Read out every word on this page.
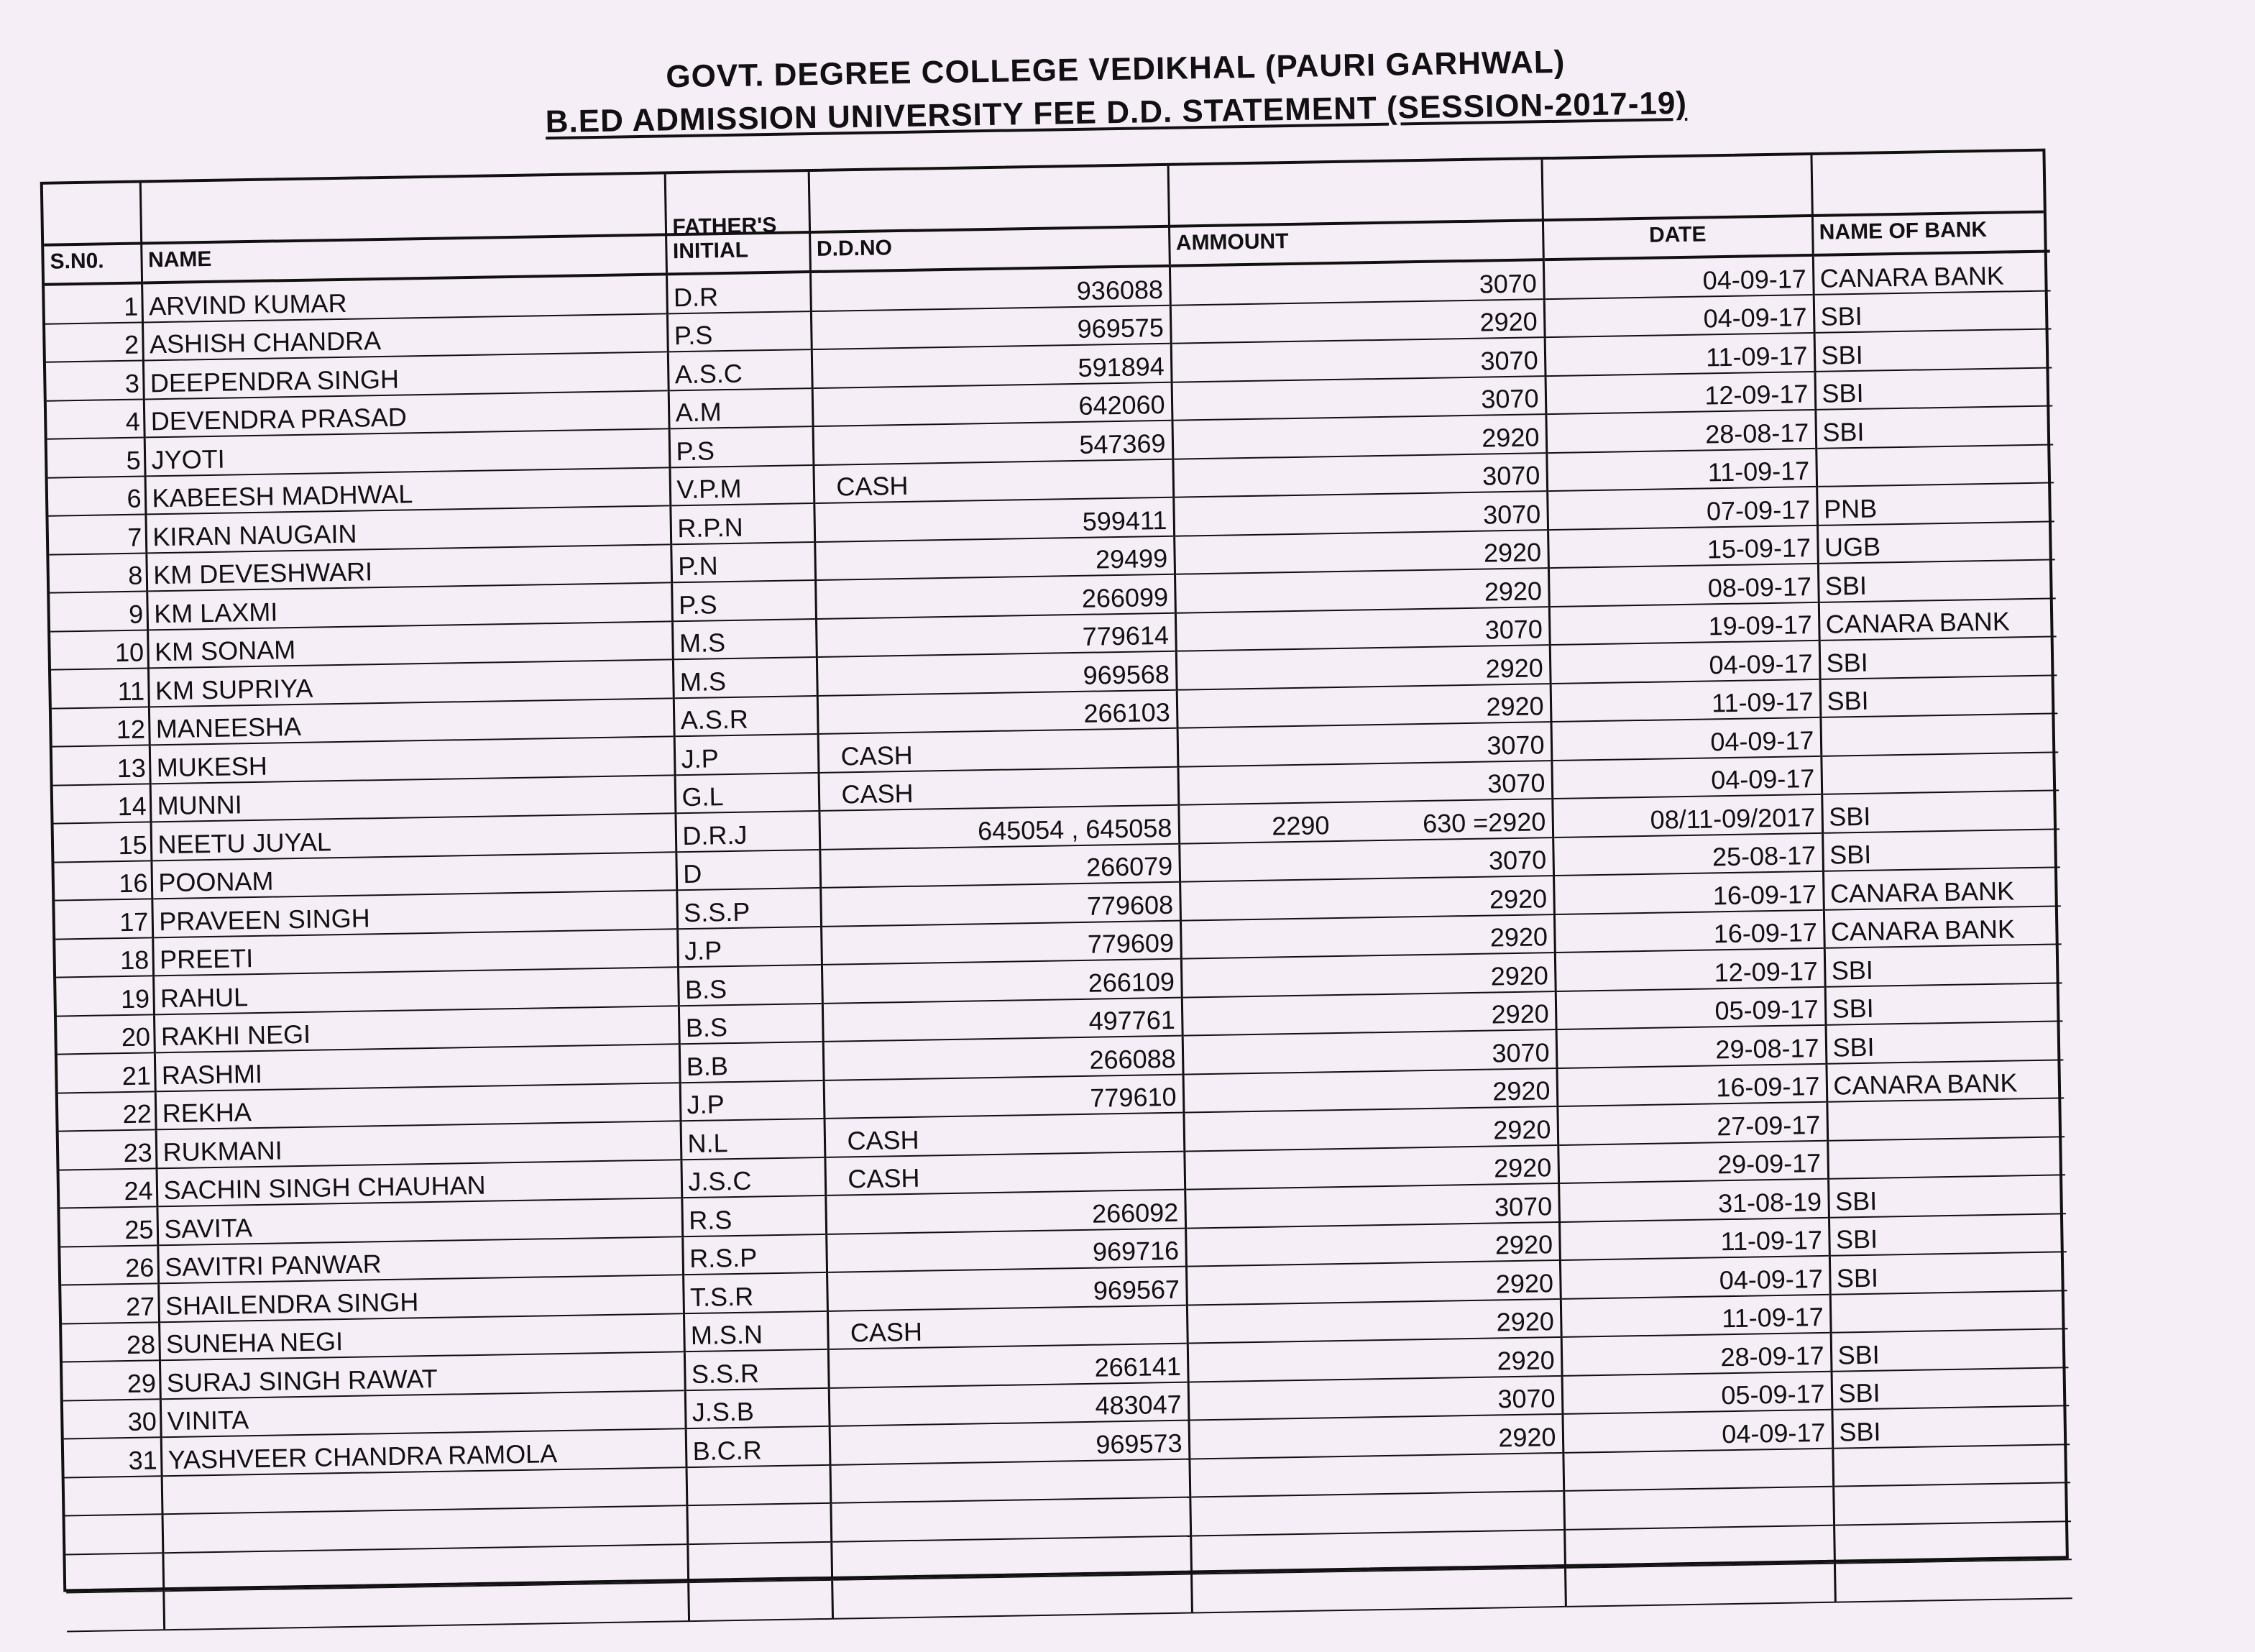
GOVT. DEGREE COLLEGE VEDIKHAL (PAURI GARHWAL)
B.ED ADMISSION UNIVERSITY FEE D.D. STATEMENT (SESSION-2017-19)
S.N0.	NAME	FATHER'S INITIAL	D.D.NO	AMMOUNT	DATE	NAME OF BANK
1	ARVIND KUMAR	D.R	936088	3070	04-09-17	CANARA BANK
2	ASHISH CHANDRA	P.S	969575	2920	04-09-17	SBI
3	DEEPENDRA SINGH	A.S.C	591894	3070	11-09-17	SBI
4	DEVENDRA PRASAD	A.M	642060	3070	12-09-17	SBI
5	JYOTI	P.S	547369	2920	28-08-17	SBI
6	KABEESH MADHWAL	V.P.M	CASH	3070	11-09-17	
7	KIRAN NAUGAIN	R.P.N	599411	3070	07-09-17	PNB
8	KM DEVESHWARI	P.N	29499	2920	15-09-17	UGB
9	KM LAXMI	P.S	266099	2920	08-09-17	SBI
10	KM SONAM	M.S	779614	3070	19-09-17	CANARA BANK
11	KM SUPRIYA	M.S	969568	2920	04-09-17	SBI
12	MANEESHA	A.S.R	266103	2920	11-09-17	SBI
13	MUKESH	J.P	CASH	3070	04-09-17	
14	MUNNI	G.L	CASH	3070	04-09-17	
15	NEETU JUYAL	D.R.J	645054 , 645058	2290 630 =2920	08/11-09/2017	SBI
16	POONAM	D	266079	3070	25-08-17	SBI
17	PRAVEEN SINGH	S.S.P	779608	2920	16-09-17	CANARA BANK
18	PREETI	J.P	779609	2920	16-09-17	CANARA BANK
19	RAHUL	B.S	266109	2920	12-09-17	SBI
20	RAKHI NEGI	B.S	497761	2920	05-09-17	SBI
21	RASHMI	B.B	266088	3070	29-08-17	SBI
22	REKHA	J.P	779610	2920	16-09-17	CANARA BANK
23	RUKMANI	N.L	CASH	2920	27-09-17	
24	SACHIN SINGH CHAUHAN	J.S.C	CASH	2920	29-09-17	
25	SAVITA	R.S	266092	3070	31-08-19	SBI
26	SAVITRI PANWAR	R.S.P	969716	2920	11-09-17	SBI
27	SHAILENDRA SINGH	T.S.R	969567	2920	04-09-17	SBI
28	SUNEHA NEGI	M.S.N	CASH	2920	11-09-17	
29	SURAJ SINGH RAWAT	S.S.R	266141	2920	28-09-17	SBI
30	VINITA	J.S.B	483047	3070	05-09-17	SBI
31	YASHVEER CHANDRA RAMOLA	B.C.R	969573	2920	04-09-17	SBI
